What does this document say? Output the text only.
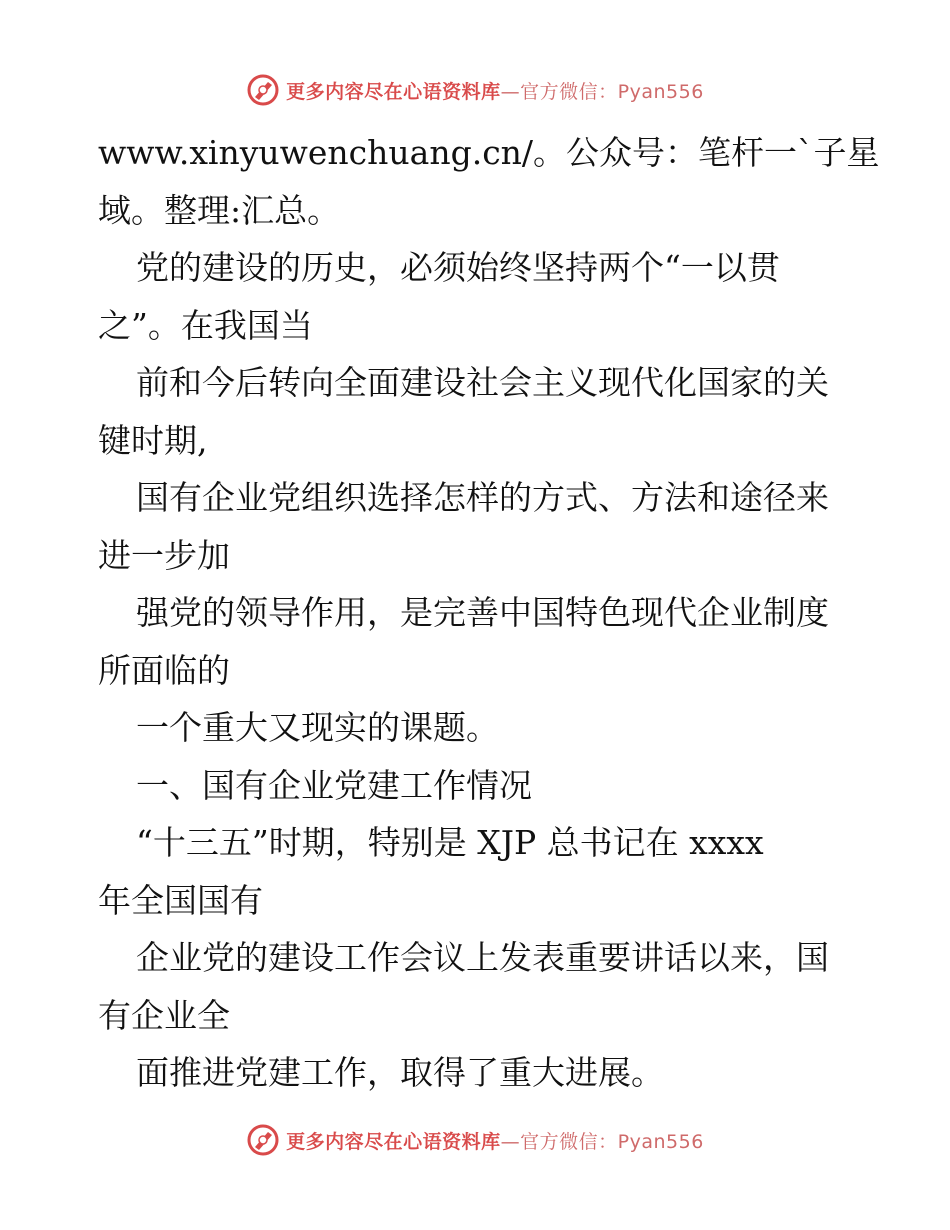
更多内容尽在心语资料库—官方微信：Pyan556
www.xinyuwenchuang.cn/。公众号：笔杆一`子星
域。整理:汇总。
党的建设的历史，必须始终坚持两个“一以贯
之”。在我国当
前和今后转向全面建设社会主义现代化国家的关
键时期,
国有企业党组织选择怎样的方式、方法和途径来
进一步加
强党的领导作用，是完善中国特色现代企业制度
所面临的
一个重大又现实的课题。
一、国有企业党建工作情况
“十三五”时期，特别是 XJP 总书记在 xxxx
年全国国有
企业党的建设工作会议上发表重要讲话以来，国
有企业全
面推进党建工作，取得了重大进展。
更多内容尽在心语资料库—官方微信：Pyan556
